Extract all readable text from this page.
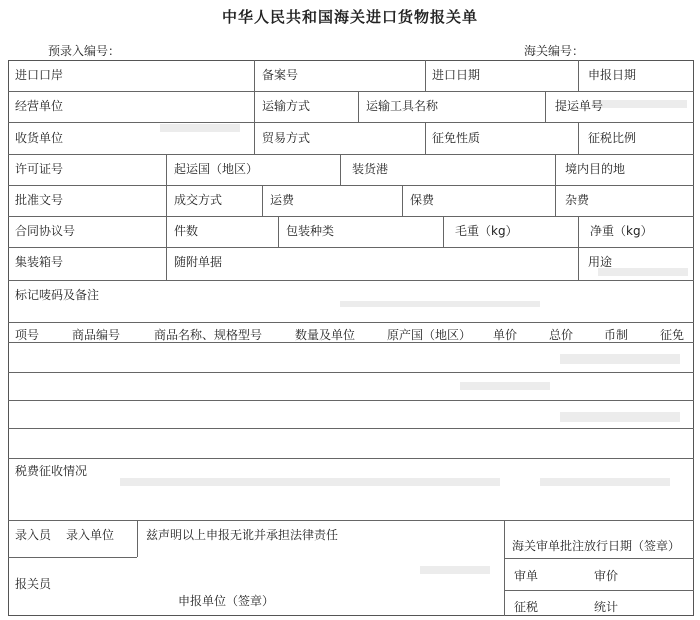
中华人民共和国海关进口货物报关单
预录入编号：	海关编号：
进口口岸	备案号	进口日期	申报日期
经营单位	运输方式	运输工具名称	提运单号
收货单位	贸易方式	征免性质	征税比例
许可证号	起运国（地区）	装货港	境内目的地
批准文号	成交方式	运费	保费	杂费
合同协议号	件数	包装种类	毛重（kg）	净重（kg）
集装箱号	随附单据	用途
标记唛码及备注
项号	商品编号	商品名称、规格型号	数量及单位	原产国（地区） 单价	总价	币制	征免
税费征收情况
录入员 录入单位	兹声明以上申报无讹并承担法律责任
报关员
申报单位（签章）
海关审单批注放行日期（签章）
审单	审价
征税	统计
